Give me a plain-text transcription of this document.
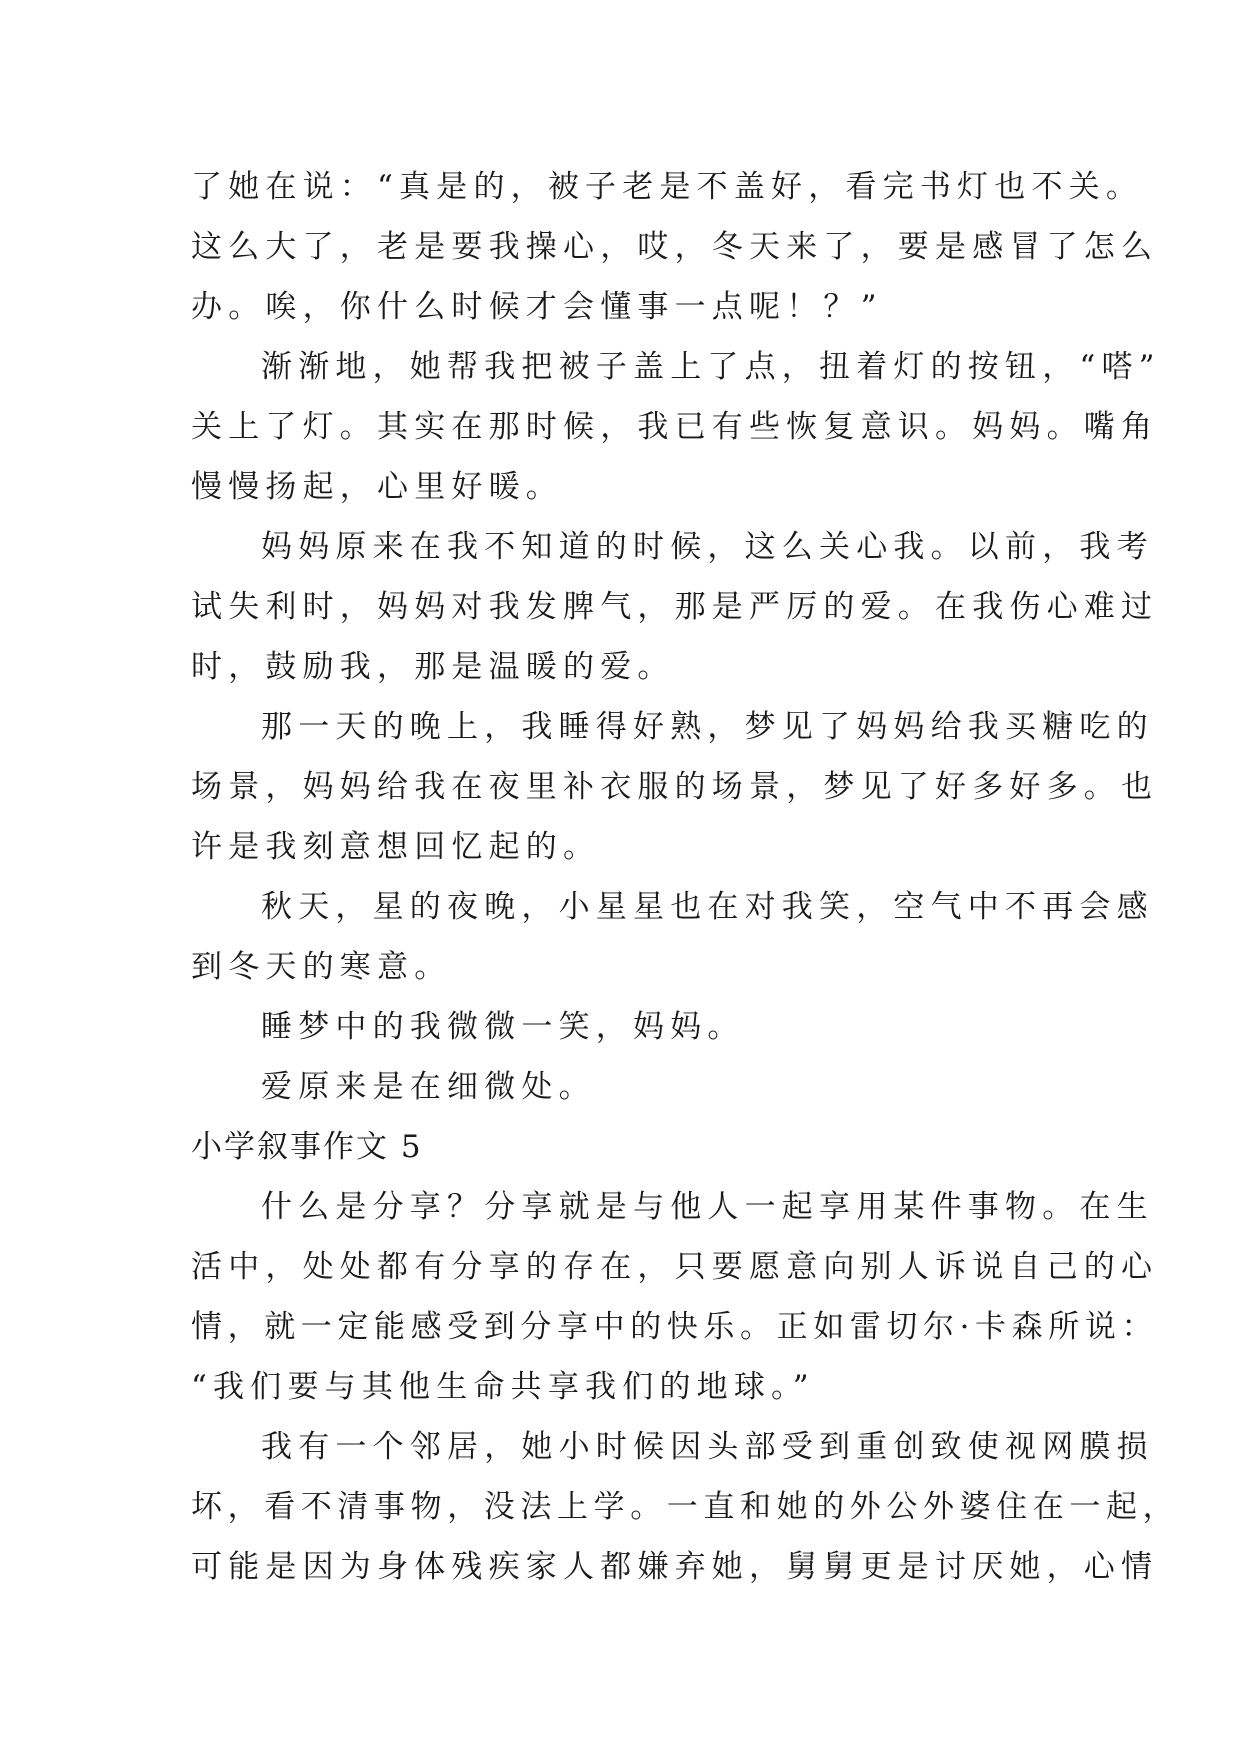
了她在说：“真是的，被子老是不盖好，看完书灯也不关。
这么大了，老是要我操心，哎，冬天来了，要是感冒了怎么
办。唉，你什么时候才会懂事一点呢！？”
渐渐地，她帮我把被子盖上了点，扭着灯的按钮，“嗒”
关上了灯。其实在那时候，我已有些恢复意识。妈妈。嘴角
慢慢扬起，心里好暖。
妈妈原来在我不知道的时候，这么关心我。以前，我考
试失利时，妈妈对我发脾气，那是严厉的爱。在我伤心难过
时，鼓励我，那是温暖的爱。
那一天的晚上，我睡得好熟，梦见了妈妈给我买糖吃的
场景，妈妈给我在夜里补衣服的场景，梦见了好多好多。也
许是我刻意想回忆起的。
秋天，星的夜晚，小星星也在对我笑，空气中不再会感
到冬天的寒意。
睡梦中的我微微一笑，妈妈。
爱原来是在细微处。
小学叙事作文 5
什么是分享？分享就是与他人一起享用某件事物。在生
活中，处处都有分享的存在，只要愿意向别人诉说自己的心
情，就一定能感受到分享中的快乐。正如雷切尔·卡森所说：
“我们要与其他生命共享我们的地球。”
我有一个邻居，她小时候因头部受到重创致使视网膜损
坏，看不清事物，没法上学。一直和她的外公外婆住在一起，
可能是因为身体残疾家人都嫌弃她，舅舅更是讨厌她，心情
